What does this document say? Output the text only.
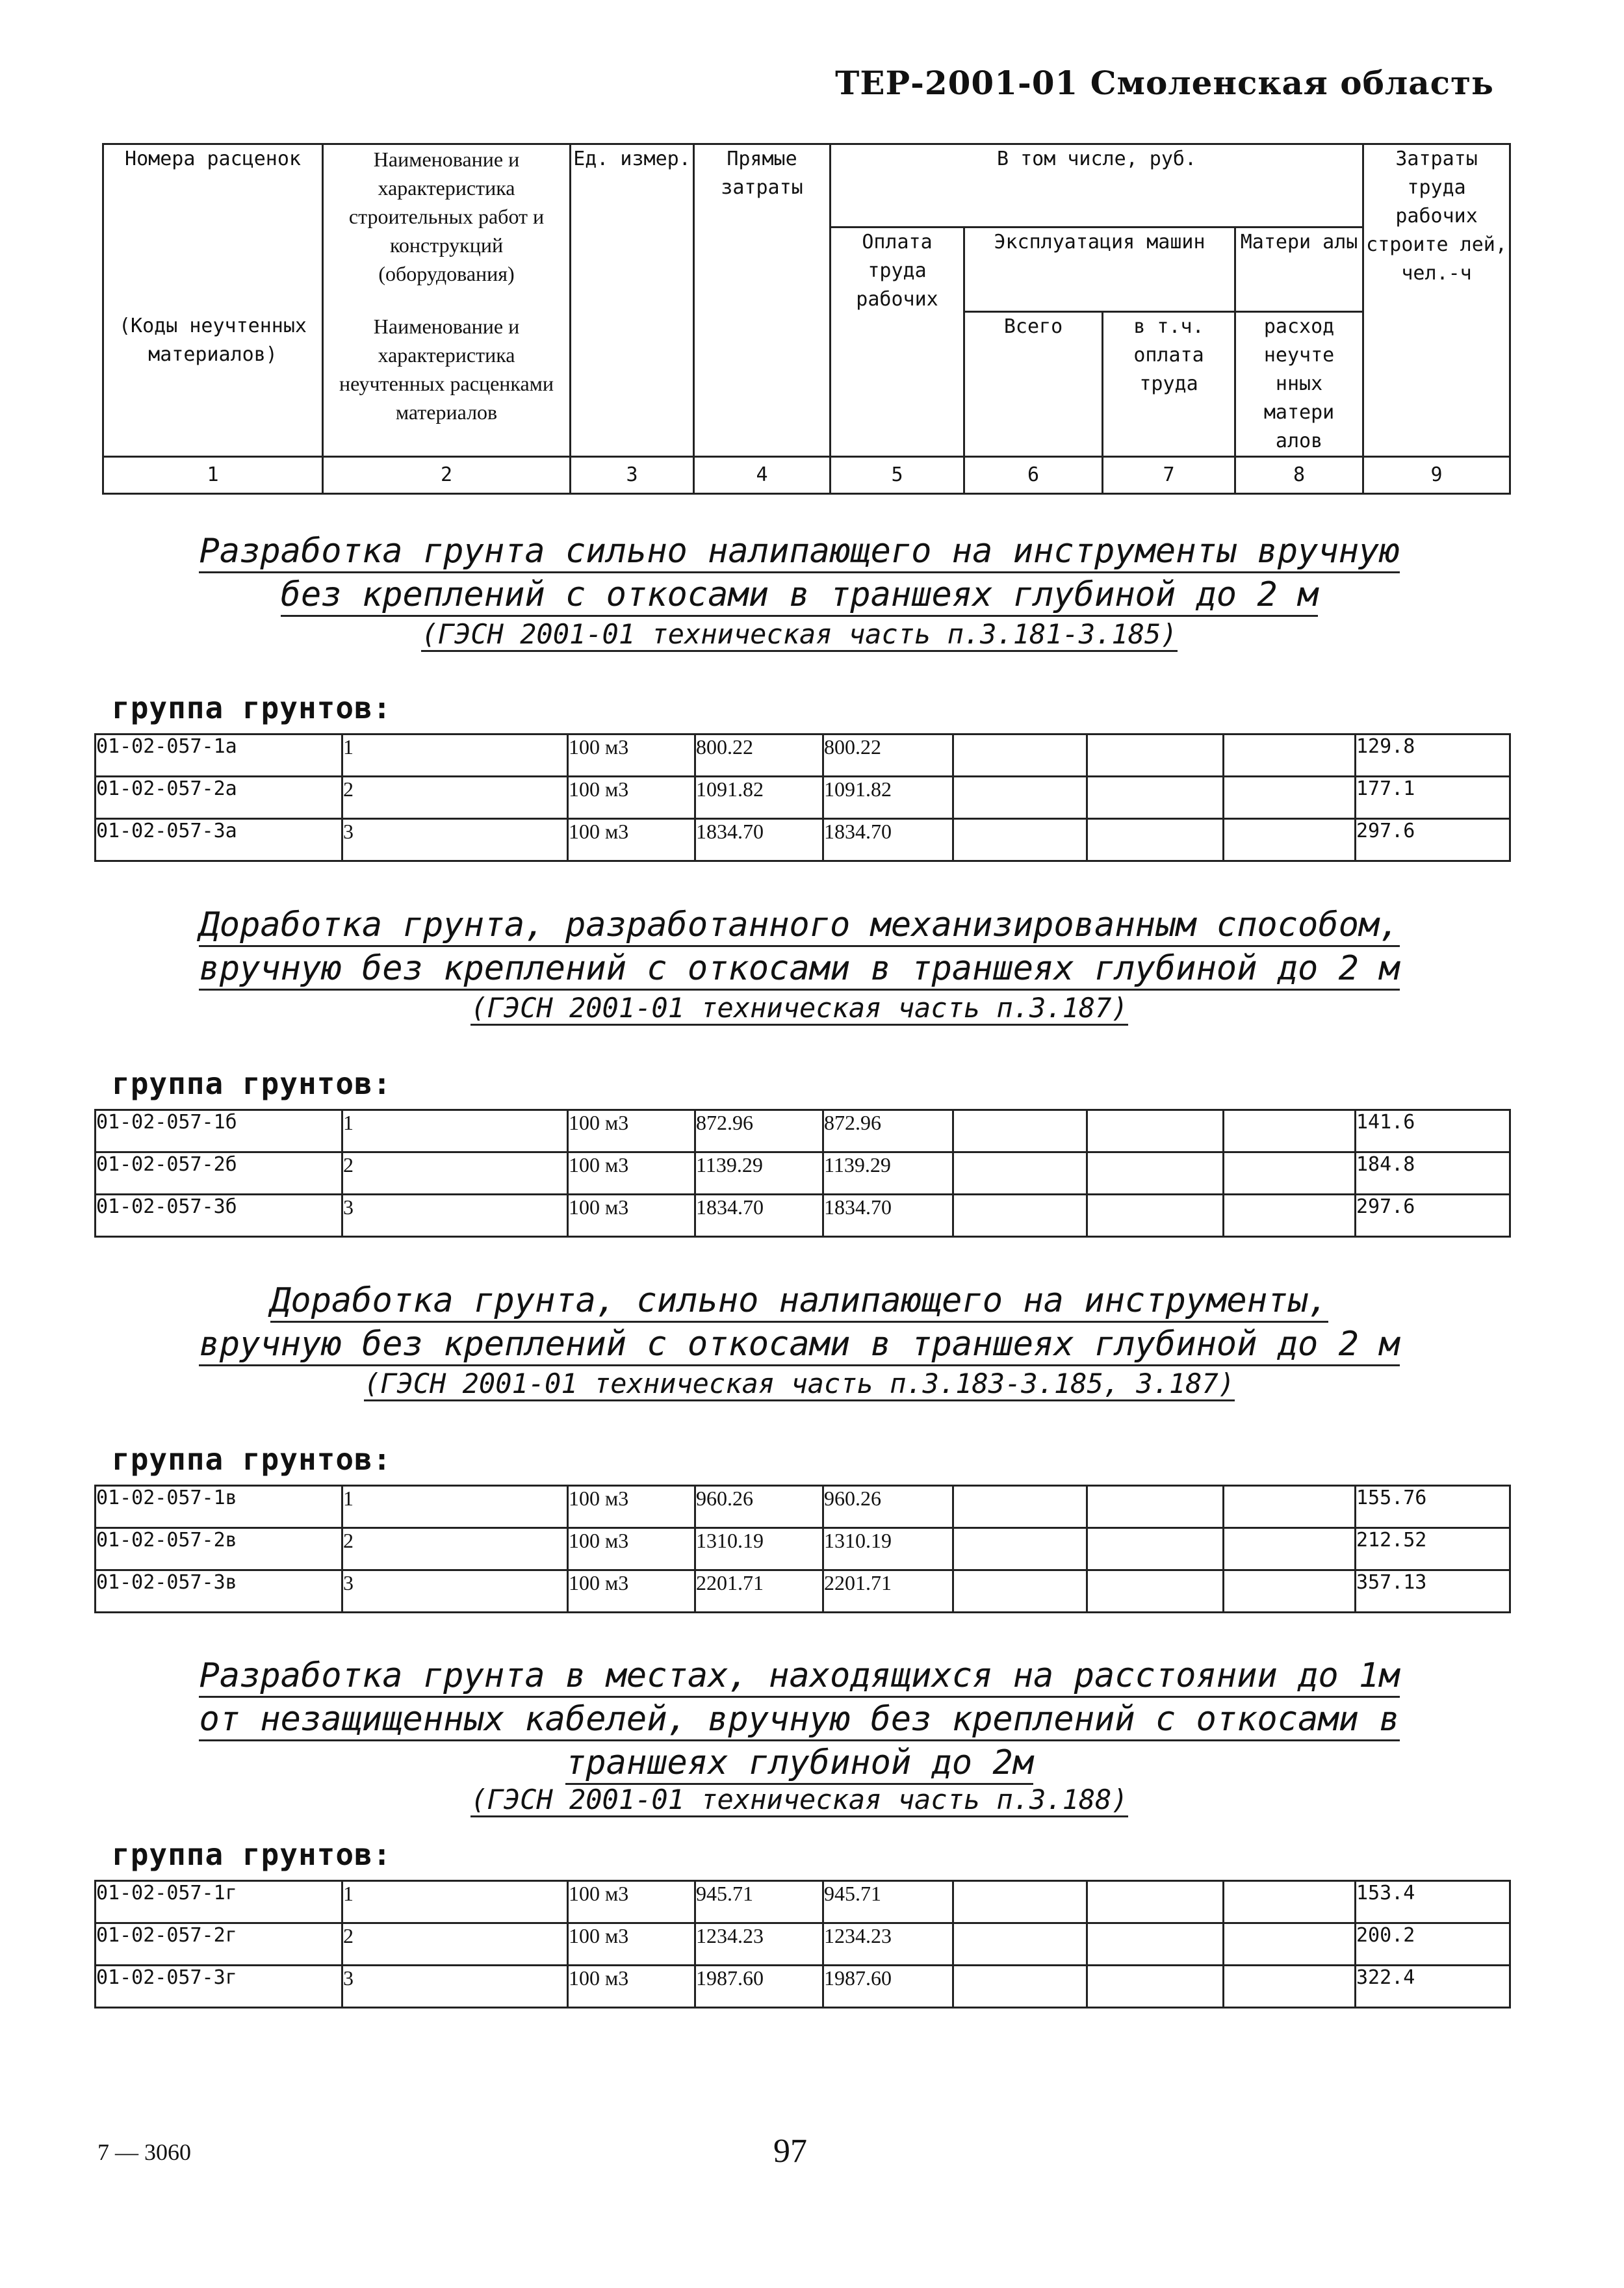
ТЕР-2001-01 Смоленская область
Номера расценок	Наименование и характеристика строительных работ и конструкций (оборудования)	Ед. измер.	Прямые затраты	В том числе, руб.				Затраты труда рабочих строите лей, чел.-ч
				Оплата труда рабочих	Эксплуатация машин		Матери алы	
(Коды неучтенных материалов)	Наименование и характеристика неучтенных расценками материалов				Всего	в т.ч. оплата труда	расход неучте нных матери алов	
1	2	3	4	5	6	7	8	9
Разработка грунта сильно налипающего на инструменты вручную
без креплений с откосами в траншеях глубиной до 2 м
(ГЭСН 2001-01 техническая часть п.3.181-3.185)
группа грунтов:
01-02-057-1а	1	100 м3	800.22	800.22				129.8
01-02-057-2а	2	100 м3	1091.82	1091.82				177.1
01-02-057-3а	3	100 м3	1834.70	1834.70				297.6
Доработка грунта, разработанного механизированным способом,
вручную без креплений с откосами в траншеях глубиной до 2 м
(ГЭСН 2001-01 техническая часть п.3.187)
группа грунтов:
01-02-057-1б	1	100 м3	872.96	872.96				141.6
01-02-057-2б	2	100 м3	1139.29	1139.29				184.8
01-02-057-3б	3	100 м3	1834.70	1834.70				297.6
Доработка грунта, сильно налипающего на инструменты,
вручную без креплений с откосами в траншеях глубиной до 2 м
(ГЭСН 2001-01 техническая часть п.3.183-3.185, 3.187)
группа грунтов:
01-02-057-1в	1	100 м3	960.26	960.26				155.76
01-02-057-2в	2	100 м3	1310.19	1310.19				212.52
01-02-057-3в	3	100 м3	2201.71	2201.71				357.13
Разработка грунта в местах, находящихся на расстоянии до 1м
от незащищенных кабелей, вручную без креплений с откосами в
траншеях глубиной до 2м
(ГЭСН 2001-01 техническая часть п.3.188)
группа грунтов:
01-02-057-1г	1	100 м3	945.71	945.71				153.4
01-02-057-2г	2	100 м3	1234.23	1234.23				200.2
01-02-057-3г	3	100 м3	1987.60	1987.60				322.4
7 — 3060	97
